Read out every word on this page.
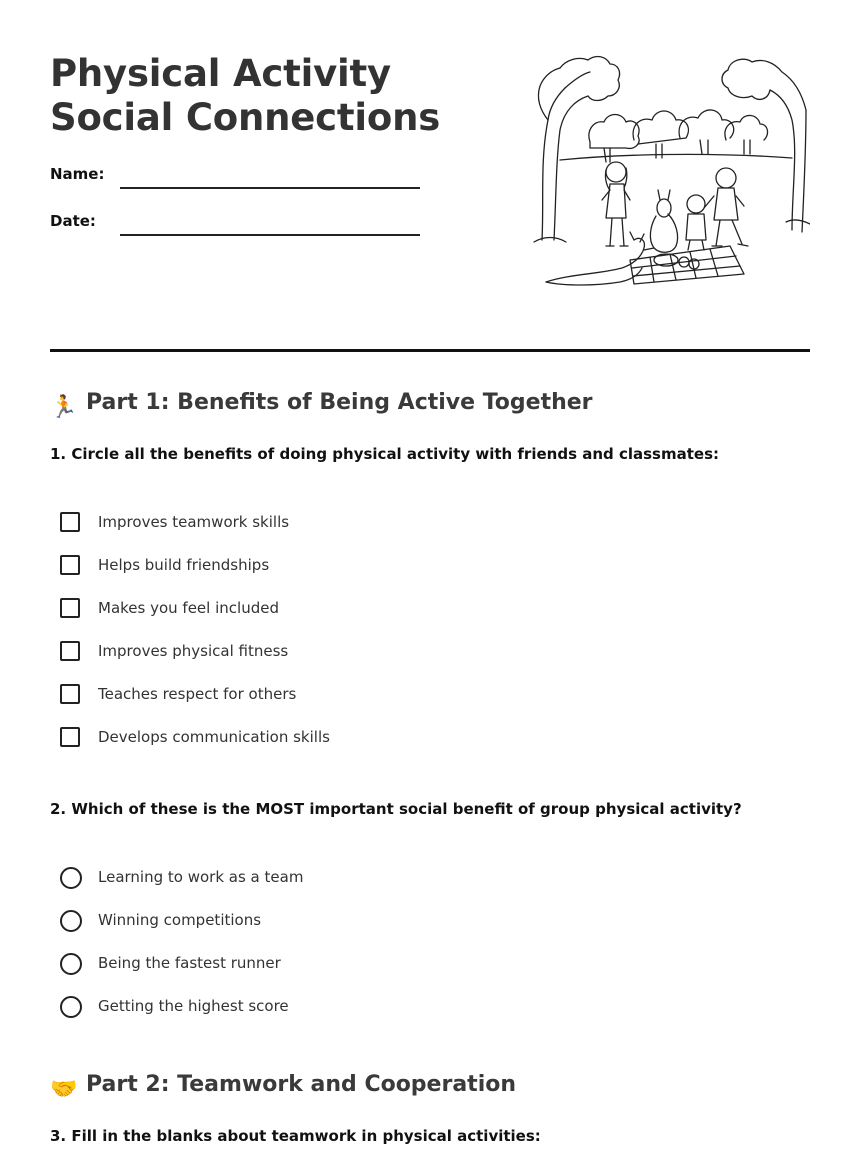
Physical Activity Social Connections
Name:
Date:
🏃 Part 1: Benefits of Being Active Together

1. Circle all the benefits of doing physical activity with friends and classmates:

Improves teamwork skills
Helps build friendships
Makes you feel included
Improves physical fitness
Teaches respect for others
Develops communication skills

2. Which of these is the MOST important social benefit of group physical activity?

Learning to work as a team
Winning competitions
Being the fastest runner
Getting the highest score
🤝 Part 2: Teamwork and Cooperation

3. Fill in the blanks about teamwork in physical activities:
